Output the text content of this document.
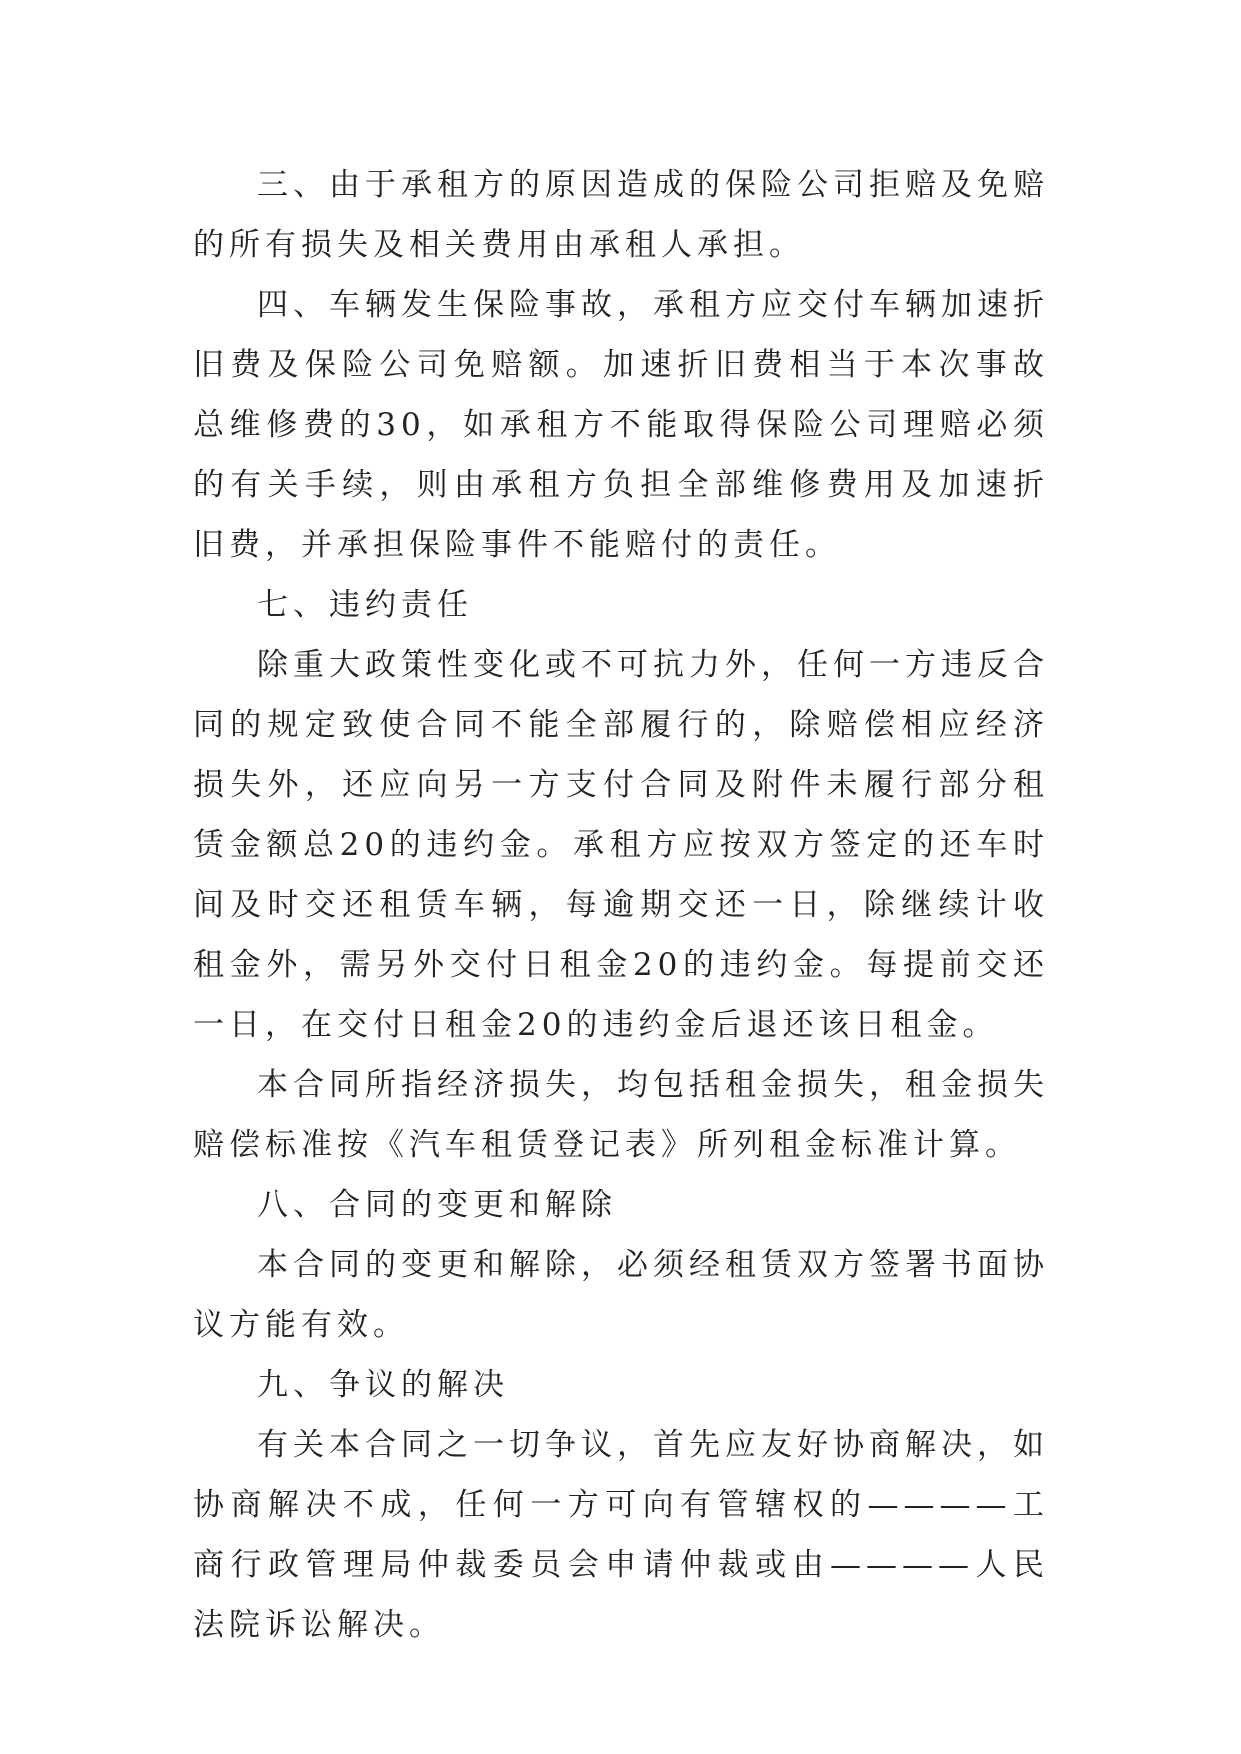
三、由于承租方的原因造成的保险公司拒赔及免赔的所有损失及相关费用由承租人承担。

四、车辆发生保险事故，承租方应交付车辆加速折旧费及保险公司免赔额。加速折旧费相当于本次事故总维修费的30，如承租方不能取得保险公司理赔必须的有关手续，则由承租方负担全部维修费用及加速折旧费，并承担保险事件不能赔付的责任。

七、违约责任

除重大政策性变化或不可抗力外，任何一方违反合同的规定致使合同不能全部履行的，除赔偿相应经济损失外，还应向另一方支付合同及附件未履行部分租赁金额总20的违约金。承租方应按双方签定的还车时间及时交还租赁车辆，每逾期交还一日，除继续计收租金外，需另外交付日租金20的违约金。每提前交还一日，在交付日租金20的违约金后退还该日租金。

本合同所指经济损失，均包括租金损失，租金损失赔偿标准按《汽车租赁登记表》所列租金标准计算。

八、合同的变更和解除

本合同的变更和解除，必须经租赁双方签署书面协议方能有效。

九、争议的解决

有关本合同之一切争议，首先应友好协商解决，如协商解决不成，任何一方可向有管辖权的————工商行政管理局仲裁委员会申请仲裁或由————人民法院诉讼解决。
